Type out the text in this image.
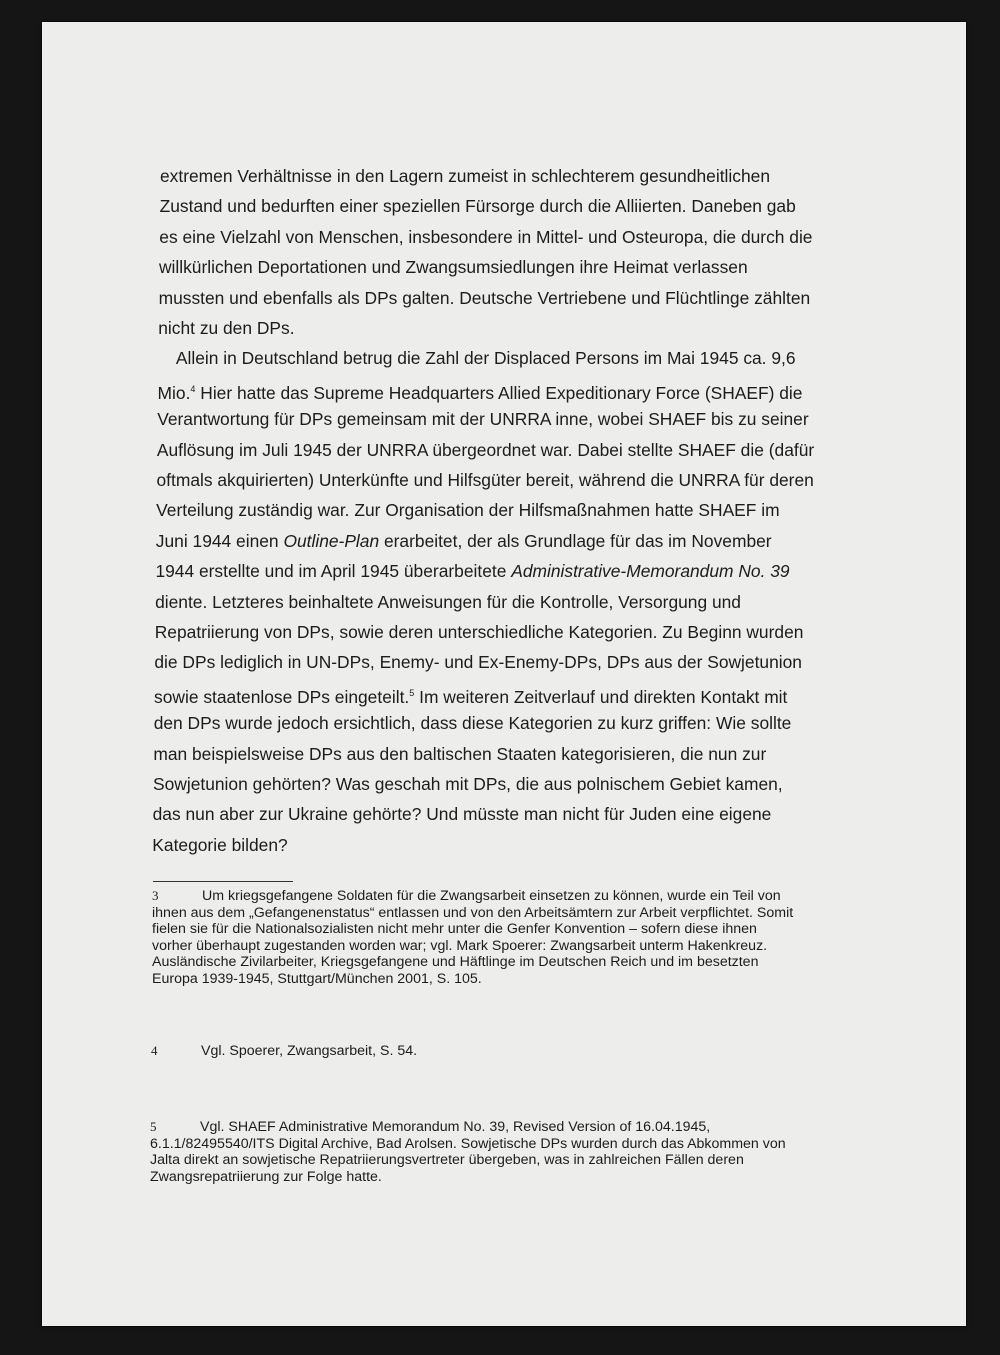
extremen Verhältnisse in den Lagern zumeist in schlechterem gesundheitlichen
Zustand und bedurften einer speziellen Fürsorge durch die Alliierten. Daneben gab
es eine Vielzahl von Menschen, insbesondere in Mittel- und Osteuropa, die durch die
willkürlichen Deportationen und Zwangsumsiedlungen ihre Heimat verlassen
mussten und ebenfalls als DPs galten. Deutsche Vertriebene und Flüchtlinge zählten
nicht zu den DPs.
Allein in Deutschland betrug die Zahl der Displaced Persons im Mai 1945 ca. 9,6
Mio.$^4$ Hier hatte das Supreme Headquarters Allied Expeditionary Force (SHAEF) die
Verantwortung für DPs gemeinsam mit der UNRRA inne, wobei SHAEF bis zu seiner
Auflösung im Juli 1945 der UNRRA übergeordnet war. Dabei stellte SHAEF die (dafür
oftmals akquirierten) Unterkünfte und Hilfsgüter bereit, während die UNRRA für deren
Verteilung zuständig war. Zur Organisation der Hilfsmaßnahmen hatte SHAEF im
Juni 1944 einen Outline-Plan erarbeitet, der als Grundlage für das im November
1944 erstellte und im April 1945 überarbeitete Administrative-Memorandum No. 39
diente. Letzteres beinhaltete Anweisungen für die Kontrolle, Versorgung und
Repatriierung von DPs, sowie deren unterschiedliche Kategorien. Zu Beginn wurden
die DPs lediglich in UN-DPs, Enemy- und Ex-Enemy-DPs, DPs aus der Sowjetunion
sowie staatenlose DPs eingeteilt.$^5$ Im weiteren Zeitverlauf und direkten Kontakt mit
den DPs wurde jedoch ersichtlich, dass diese Kategorien zu kurz griffen: Wie sollte
man beispielsweise DPs aus den baltischen Staaten kategorisieren, die nun zur
Sowjetunion gehörten? Was geschah mit DPs, die aus polnischem Gebiet kamen,
das nun aber zur Ukraine gehörte? Und müsste man nicht für Juden eine eigene
Kategorie bilden?
3	Um kriegsgefangene Soldaten für die Zwangsarbeit einsetzen zu können, wurde ein Teil von
ihnen aus dem „Gefangenenstatus“ entlassen und von den Arbeitsämtern zur Arbeit verpflichtet. Somit
fielen sie für die Nationalsozialisten nicht mehr unter die Genfer Konvention – sofern diese ihnen
vorher überhaupt zugestanden worden war; vgl. Mark Spoerer: Zwangsarbeit unterm Hakenkreuz.
Ausländische Zivilarbeiter, Kriegsgefangene und Häftlinge im Deutschen Reich und im besetzten
Europa 1939-1945, Stuttgart/München 2001, S. 105.
4	Vgl. Spoerer, Zwangsarbeit, S. 54.
5	Vgl. SHAEF Administrative Memorandum No. 39, Revised Version of 16.04.1945,
6.1.1/82495540/ITS Digital Archive, Bad Arolsen. Sowjetische DPs wurden durch das Abkommen von
Jalta direkt an sowjetische Repatriierungsvertreter übergeben, was in zahlreichen Fällen deren
Zwangsrepatriierung zur Folge hatte.
